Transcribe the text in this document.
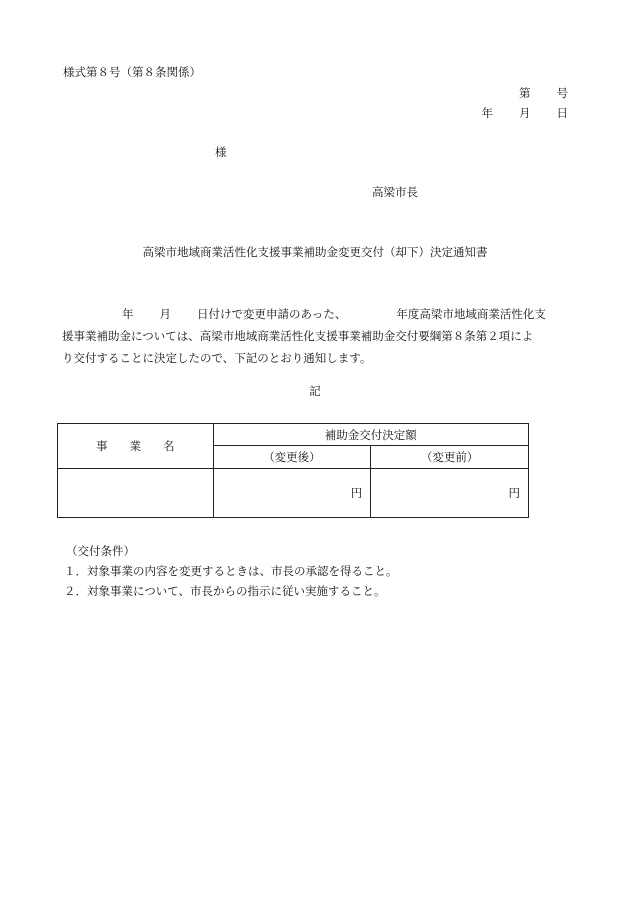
様式第８号（第８条関係）
第 号
年 月 日
様
高梁市長
高梁市地域商業活性化支援事業補助金変更交付（却下）決定通知書
年 月 日付けで変更申請のあった、	年度高梁市地域商業活性化支
援事業補助金については、高梁市地域商業活性化支援事業補助金交付要綱第８条第２項によ
り交付することに決定したので、下記のとおり通知します。
記
事業名	補助金交付決定額	
	（変更後）	（変更前）
	円	円
（交付条件）
１．対象事業の内容を変更するときは、市長の承認を得ること。
２．対象事業について、市長からの指示に従い実施すること。
